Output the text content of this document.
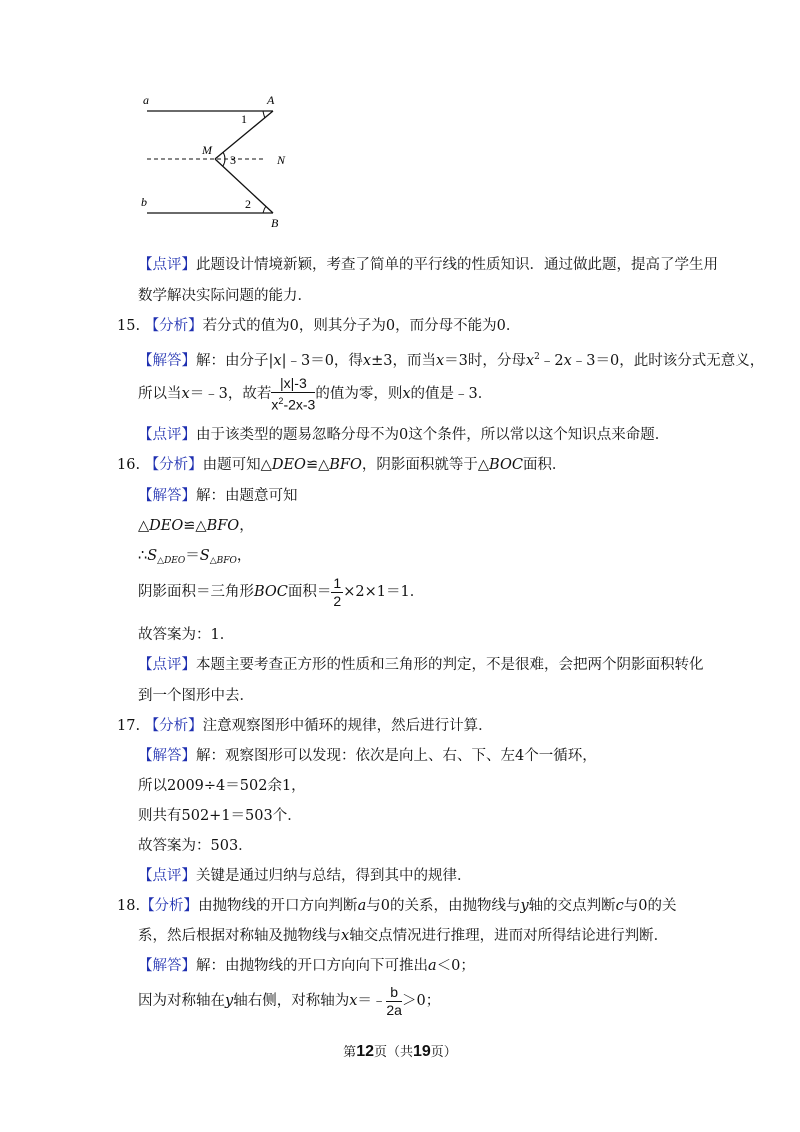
a	A
1
M
3	N
b	2
B
【点评】此题设计情境新颖，考查了简单的平行线的性质知识．通过做此题，提高了学生用
数学解决实际问题的能力．
15. 【分析】若分式的值为0，则其分子为0，而分母不能为0．
【解答】解：由分子|x|﹣3＝0，得x±3，而当x＝3时，分母$x^2﹣2x﹣3=0$，此时该分式无意义，
所以当x＝﹣3，故若 $\frac{|x|-3}{x^2-2x-3}$ 的值为零，则x的值是﹣3．
【点评】由于该类型的题易忽略分母不为0这个条件，所以常以这个知识点来命题．
16. 【分析】由题可知△DEO≌△BFO，阴影面积就等于△BOC面积．
【解答】解：由题意可知
△DEO≌△BFO，
$\therefore S_{\triangle DEO}=S_{\triangle BFO}$，
阴影面积＝三角形BOC面积＝ $\frac{1}{2} \times 2\times 1=1$．
故答案为：1．
【点评】本题主要考查正方形的性质和三角形的判定，不是很难，会把两个阴影面积转化
到一个图形中去．
17. 【分析】注意观察图形中循环的规律，然后进行计算．
【解答】解：观察图形可以发现：依次是向上、右、下、左4个一循环，
所以2009÷4＝502余1，
则共有502+1＝503个．
故答案为：503．
【点评】关键是通过归纳与总结，得到其中的规律．
18.【分析】由抛物线的开口方向判断a与0的关系，由抛物线与y轴的交点判断c与0的关
系，然后根据对称轴及抛物线与x轴交点情况进行推理，进而对所得结论进行判断．
【解答】解：由抛物线的开口方向向下可推出a＜0；
因为对称轴在y轴右侧，对称轴为x＝﹣ $\frac{b}{2a} >0$；
第12页（共19页）
